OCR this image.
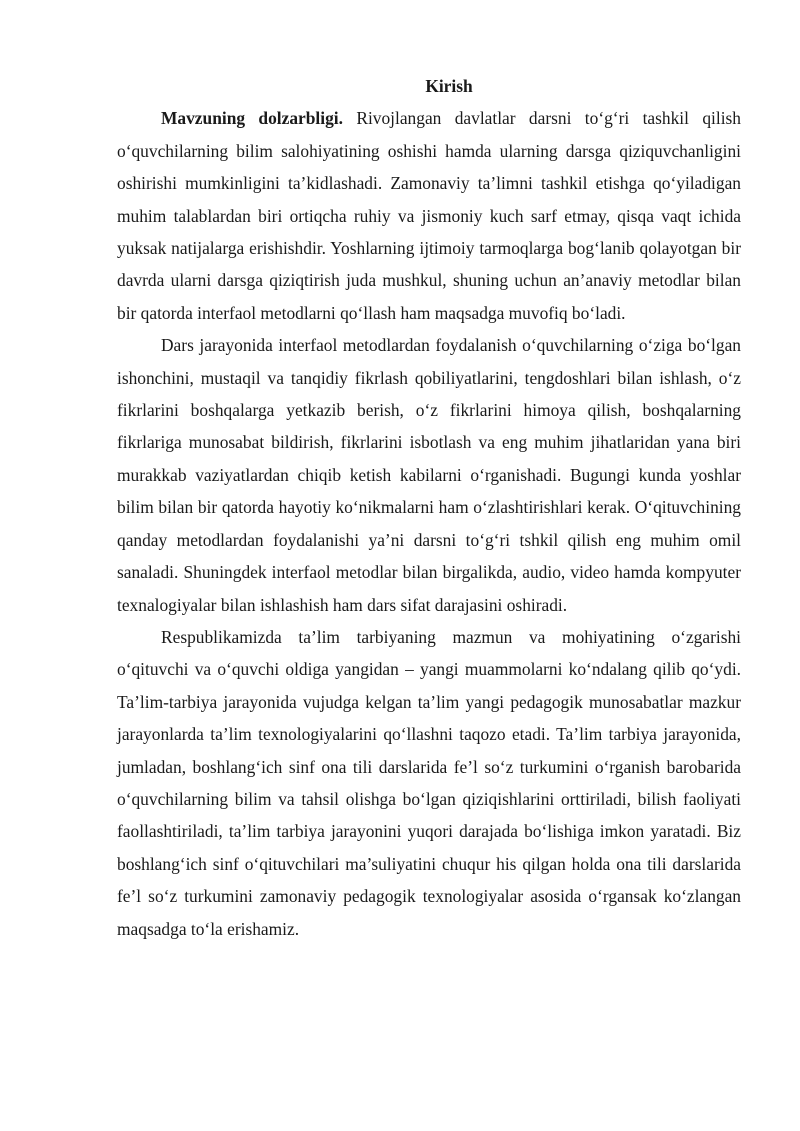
Kirish

Mavzuning dolzarbligi. Rivojlangan davlatlar darsni to‘g‘ri tashkil qilish o‘quvchilarning bilim salohiyatining oshishi hamda ularning darsga qiziquvchanligini oshirishi mumkinligini ta’kidlashadi. Zamonaviy ta’limni tashkil etishga qo‘yiladigan muhim talablardan biri ortiqcha ruhiy va jismoniy kuch sarf etmay, qisqa vaqt ichida yuksak natijalarga erishishdir. Yoshlarning ijtimoiy tarmoqlarga bog‘lanib qolayotgan bir davrda ularni darsga qiziqtirish juda mushkul, shuning uchun an’anaviy metodlar bilan bir qatorda interfaol metodlarni qo‘llash ham maqsadga muvofiq bo‘ladi.

Dars jarayonida interfaol metodlardan foydalanish o‘quvchilarning o‘ziga bo‘lgan ishonchini, mustaqil va tanqidiy fikrlash qobiliyatlarini, tengdoshlari bilan ishlash, o‘z fikrlarini boshqalarga yetkazib berish, o‘z fikrlarini himoya qilish, boshqalarning fikrlariga munosabat bildirish, fikrlarini isbotlash va eng muhim jihatlaridan yana biri murakkab vaziyatlardan chiqib ketish kabilarni o‘rganishadi. Bugungi kunda yoshlar bilim bilan bir qatorda hayotiy ko‘nikmalarni ham o‘zlashtirishlari kerak. O‘qituvchining qanday metodlardan foydalanishi ya’ni darsni to‘g‘ri tshkil qilish eng muhim omil sanaladi. Shuningdek interfaol metodlar bilan birgalikda, audio, video hamda kompyuter texnalogiyalar bilan ishlashish ham dars sifat darajasini oshiradi.

Respublikamizda ta’lim tarbiyaning mazmun va mohiyatining o‘zgarishi o‘qituvchi va o‘quvchi oldiga yangidan – yangi muammolarni ko‘ndalang qilib qo‘ydi. Ta’lim-tarbiya jarayonida vujudga kelgan ta’lim yangi pedagogik munosabatlar mazkur jarayonlarda ta’lim texnologiyalarini qo‘llashni taqozo etadi. Ta’lim tarbiya jarayonida, jumladan, boshlang‘ich sinf ona tili darslarida fe’l so‘z turkumini o‘rganish barobarida o‘quvchilarning bilim va tahsil olishga bo‘lgan qiziqishlarini orttiriladi, bilish faoliyati faollashtiriladi, ta’lim tarbiya jarayonini yuqori darajada bo‘lishiga imkon yaratadi. Biz boshlang‘ich sinf o‘qituvchilari ma’suliyatini chuqur his qilgan holda ona tili darslarida fe’l so‘z turkumini zamonaviy pedagogik texnologiyalar asosida o‘rgansak ko‘zlangan maqsadga to‘la erishamiz.
